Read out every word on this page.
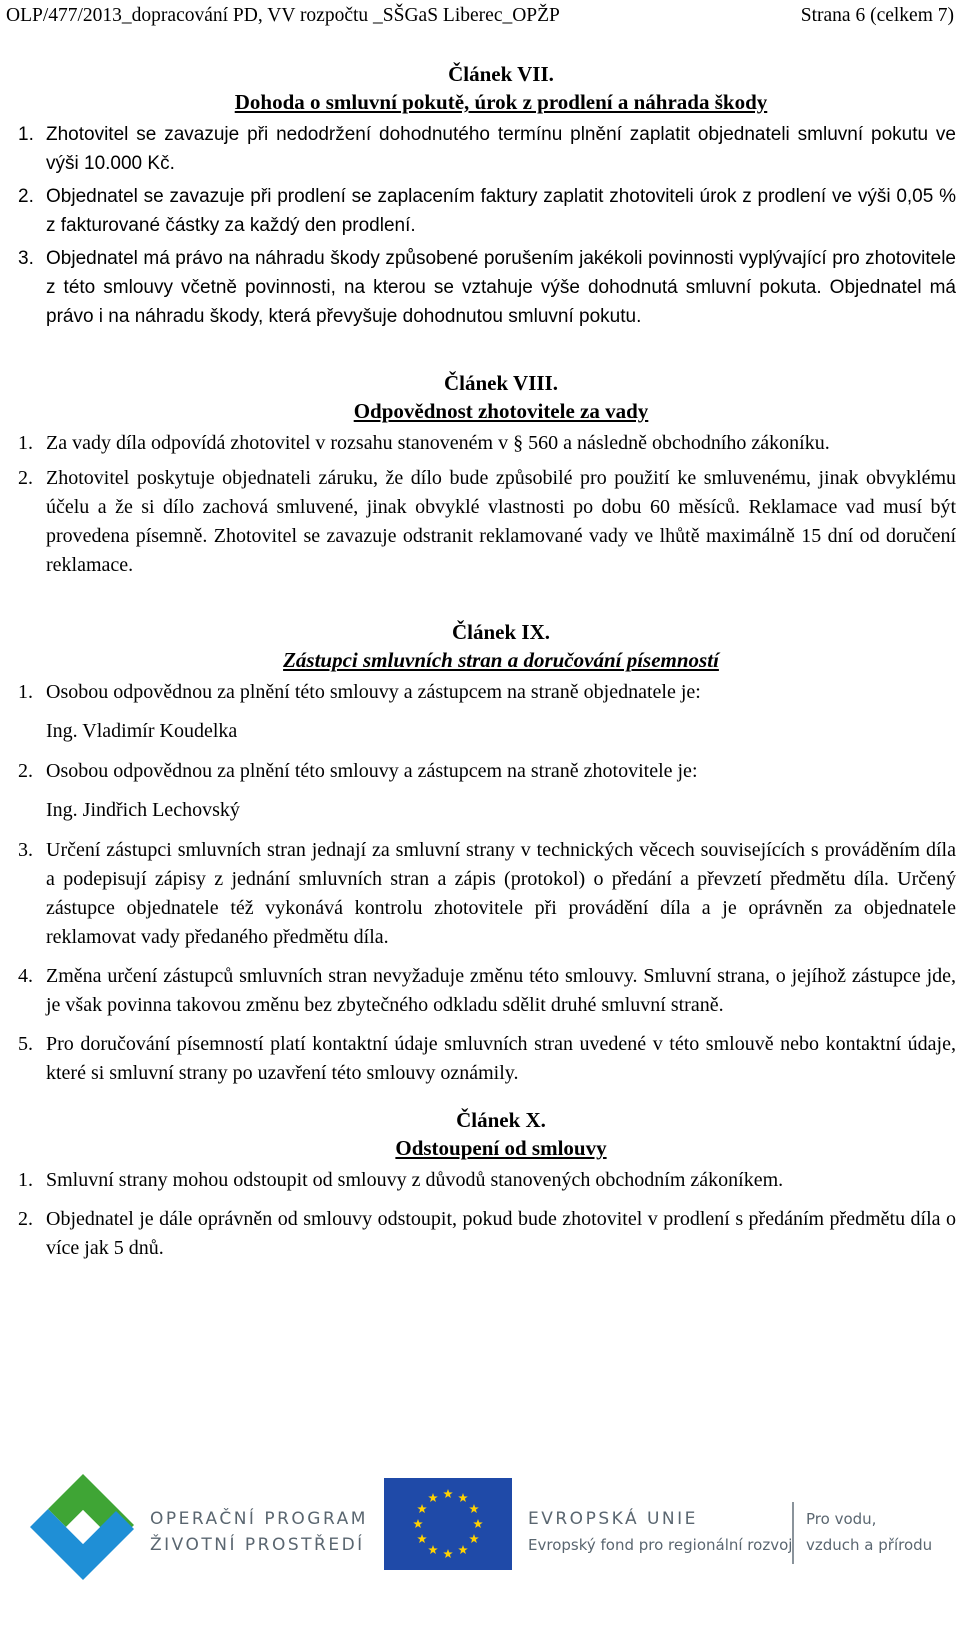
OLP/477/2013_dopracování PD, VV rozpočtu _SŠGaS Liberec_OPŽP	Strana 6 (celkem 7)

Článek VII.

Dohoda o smluvní pokutě, úrok z prodlení a náhrada škody

1. Zhotovitel se zavazuje při nedodržení dohodnutého termínu plnění zaplatit objednateli smluvní pokutu ve výši 10.000 Kč.

2. Objednatel se zavazuje při prodlení se zaplacením faktury zaplatit zhotoviteli úrok z prodlení ve výši 0,05 % z fakturované částky za každý den prodlení.

3. Objednatel má právo na náhradu škody způsobené porušením jakékoli povinnosti vyplývající pro zhotovitele z této smlouvy včetně povinnosti, na kterou se vztahuje výše dohodnutá smluvní pokuta. Objednatel má právo i na náhradu škody, která převyšuje dohodnutou smluvní pokutu.

Článek VIII.

Odpovědnost zhotovitele za vady

1. Za vady díla odpovídá zhotovitel v rozsahu stanoveném v § 560 a následně obchodního zákoníku.

2. Zhotovitel poskytuje objednateli záruku, že dílo bude způsobilé pro použití ke smluvenému, jinak obvyklému účelu a že si dílo zachová smluvené, jinak obvyklé vlastnosti po dobu 60 měsíců. Reklamace vad musí být provedena písemně. Zhotovitel se zavazuje odstranit reklamované vady ve lhůtě maximálně 15 dní od doručení reklamace.

Článek IX.

Zástupci smluvních stran a doručování písemností

1. Osobou odpovědnou za plnění této smlouvy a zástupcem na straně objednatele je:

Ing. Vladimír Koudelka

2. Osobou odpovědnou za plnění této smlouvy a zástupcem na straně zhotovitele je:

Ing. Jindřich Lechovský

3. Určení zástupci smluvních stran jednají za smluvní strany v technických věcech souvisejících s prováděním díla a podepisují zápisy z jednání smluvních stran a zápis (protokol) o předání a převzetí předmětu díla. Určený zástupce objednatele též vykonává kontrolu zhotovitele při provádění díla a je oprávněn za objednatele reklamovat vady předaného předmětu díla.

4. Změna určení zástupců smluvních stran nevyžaduje změnu této smlouvy. Smluvní strana, o jejíhož zástupce jde, je však povinna takovou změnu bez zbytečného odkladu sdělit druhé smluvní straně.

5. Pro doručování písemností platí kontaktní údaje smluvních stran uvedené v této smlouvě nebo kontaktní údaje, které si smluvní strany po uzavření této smlouvy oznámily.

Článek X.

Odstoupení od smlouvy

1. Smluvní strany mohou odstoupit od smlouvy z důvodů stanovených obchodním zákoníkem.

2. Objednatel je dále oprávněn od smlouvy odstoupit, pokud bude zhotovitel v prodlení s předáním předmětu díla o více jak 5 dnů.

OPERAČNÍ PROGRAM
ŽIVOTNÍ PROSTŘEDÍ
EVROPSKÁ UNIE
Evropský fond pro regionální rozvoj
Pro vodu,
vzduch a přírodu
